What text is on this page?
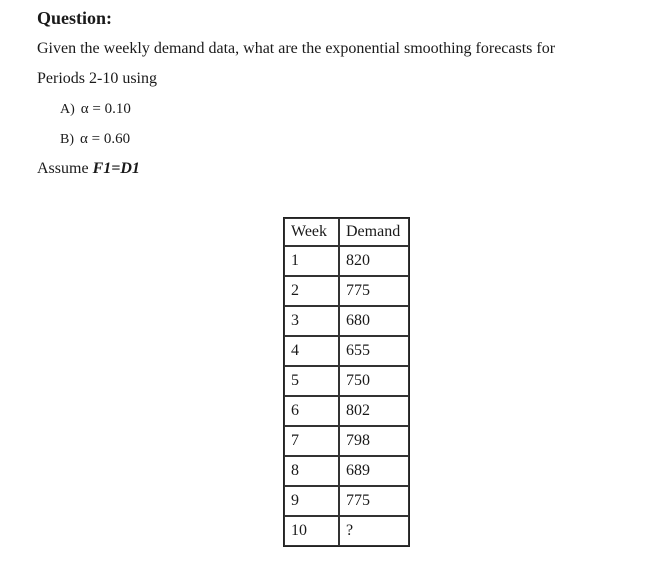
Question:
Given the weekly demand data, what are the exponential smoothing forecasts for
Periods 2-10 using
A) α = 0.10
B) α = 0.60
Assume F1=D1
Week	Demand
1	820
2	775
3	680
4	655
5	750
6	802
7	798
8	689
9	775
10	?
